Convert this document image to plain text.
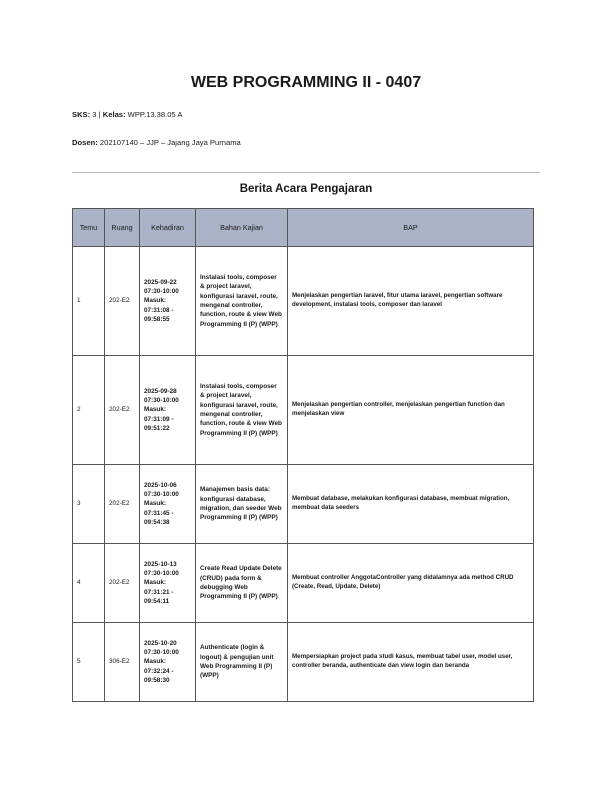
WEB PROGRAMMING II - 0407
SKS: 3 | Kelas: WPP.13.38.05 A
Dosen: 202107140 – JJP – Jajang Jaya Purnama
Berita Acara Pengajaran
Temu	Ruang	Kehadiran	Bahan Kajian	BAP
1	202-E2	2025-09-22 07:30-10:00 Masuk: 07:31:08 - 09:58:55	Instalasi tools, composer & project laravel, konfigurasi laravel, route, mengenal controller, function, route & view Web Programming II (P) (WPP)	Menjelaskan pengertian laravel, fitur utama laravel, pengertian software development, instalasi tools, composer dan laravel
2	202-E2	2025-09-28 07:30-10:00 Masuk: 07:31:09 - 09:51:22	Instalasi tools, composer & project laravel, konfigurasi laravel, route, mengenal controller, function, route & view Web Programming II (P) (WPP)	Menjelaskan pengertian controller, menjelaskan pengertian function dan menjelaskan view
3	202-E2	2025-10-06 07:30-10:00 Masuk: 07:31:45 - 09:54:38	Manajemen basis data: konfigurasi database, migration, dan seeder Web Programming II (P) (WPP)	Membuat database, melakukan konfigurasi database, membuat migration, membuat data seeders
4	202-E2	2025-10-13 07:30-10:00 Masuk: 07:31:21 - 09:54:11	Create Read Update Delete (CRUD) pada form & debugging Web Programming II (P) (WPP)	Membuat controller AnggotaController yang didalamnya ada method CRUD (Create, Read, Update, Delete)
5	306-E2	2025-10-20 07:30-10:00 Masuk: 07:32:24 - 09:58:30	Authenticate (login & logout) & pengujian unit Web Programming II (P) (WPP)	Mempersiapkan project pada studi kasus, membuat tabel user, model user, controller beranda, authenticate dan view login dan beranda
